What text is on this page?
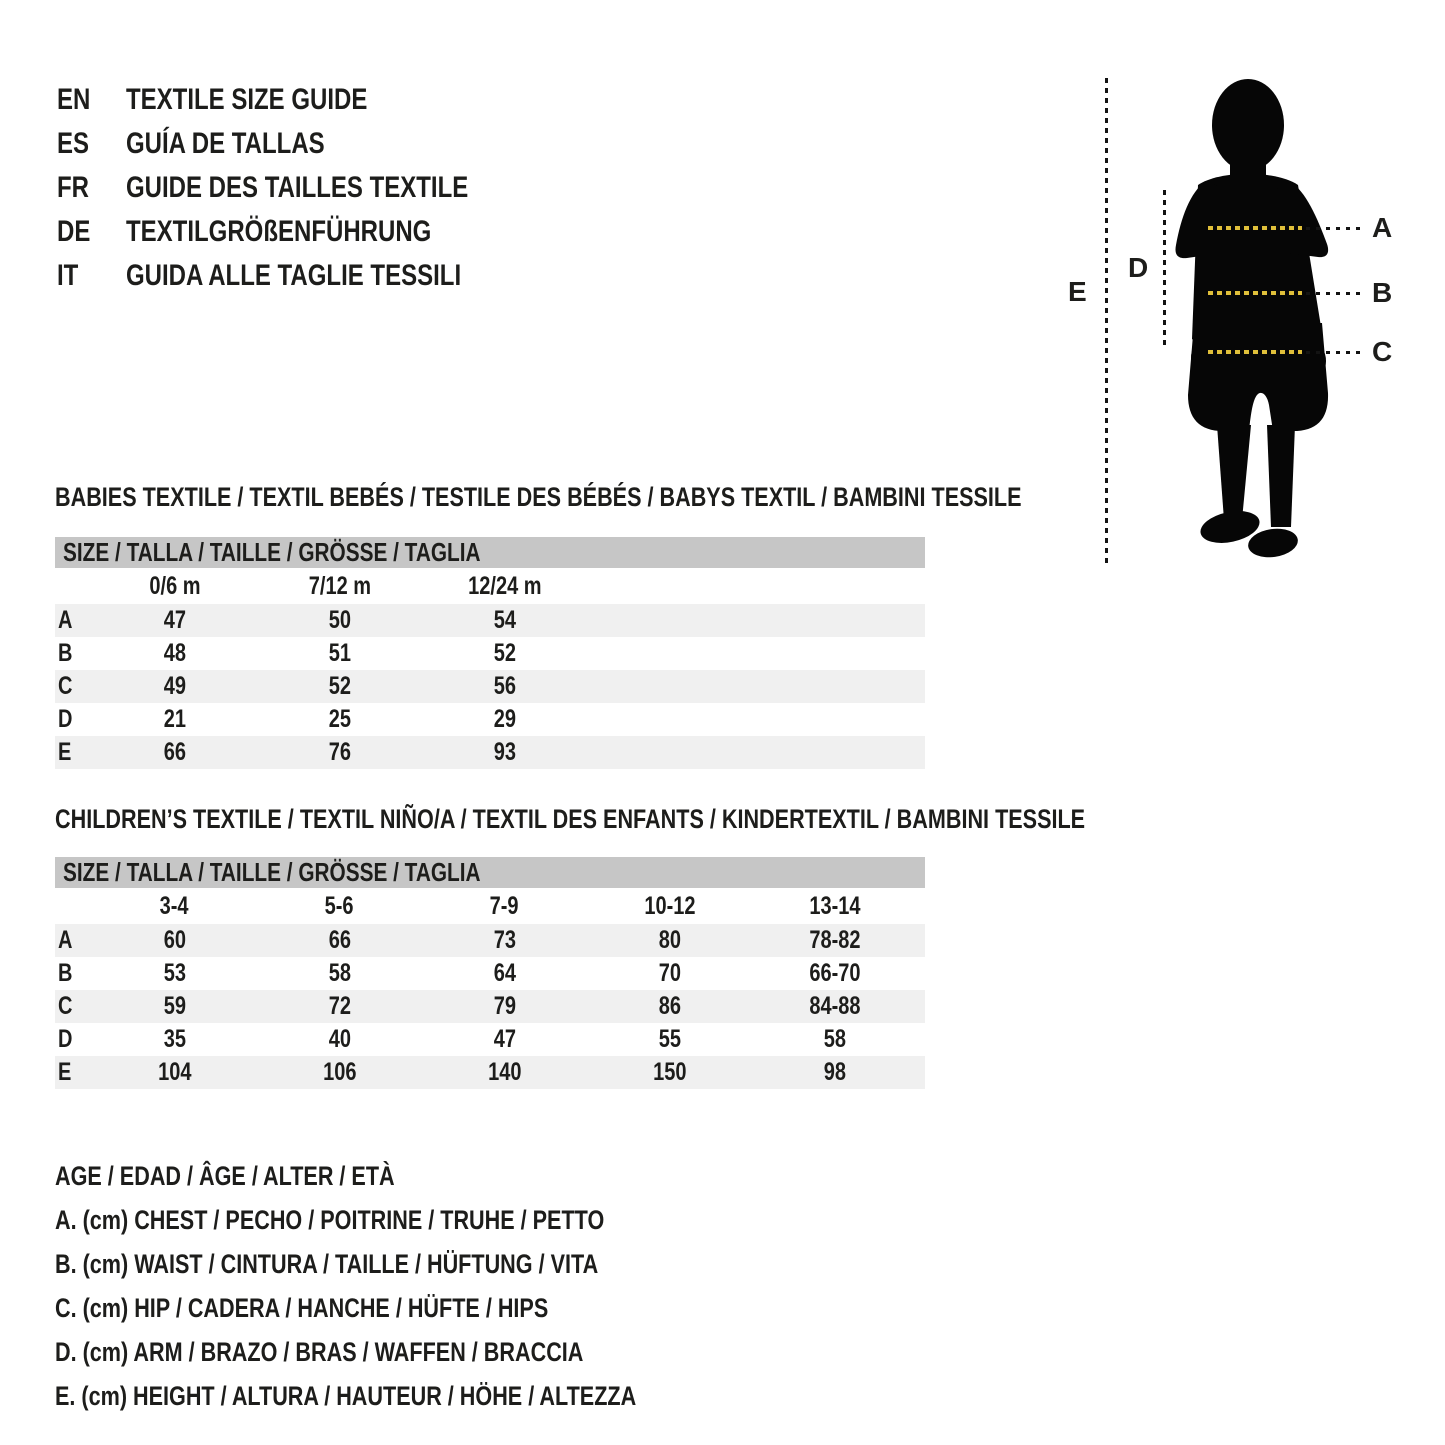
EN	TEXTILE SIZE GUIDE
ES	GUÍA DE TALLAS
FR	GUIDE DES TAILLES TEXTILE
DE	TEXTILGRÖßENFÜHRUNG
IT	GUIDA ALLE TAGLIE TESSILI	E
D
A
B
C
BABIES TEXTILE / TEXTIL BEBÉS / TESTILE DES BÉBÉS / BABYS TEXTIL / BAMBINI TESSILE
SIZE / TALLA / TAILLE / GRÖSSE / TAGLIA
0/6 m	7/12 m	12/24 m
A	47	50	54
B	48	51	52
C	49	52	56
D	21	25	29
E	66	76	93
CHILDREN’S TEXTILE / TEXTIL NIÑO/A / TEXTIL DES ENFANTS / KINDERTEXTIL / BAMBINI TESSILE
SIZE / TALLA / TAILLE / GRÖSSE / TAGLIA
3-4	5-6	7-9	10-12	13-14
A	60	66	73	80	78-82
B	53	58	64	70	66-70
C	59	72	79	86	84-88
D	35	40	47	55	58
E	104	106	140	150	98
AGE / EDAD / ÂGE / ALTER / ETÀ
A. (cm) CHEST / PECHO / POITRINE / TRUHE / PETTO
B. (cm) WAIST / CINTURA / TAILLE / HÜFTUNG / VITA
C. (cm) HIP / CADERA / HANCHE / HÜFTE / HIPS
D. (cm) ARM / BRAZO / BRAS / WAFFEN / BRACCIA
E. (cm) HEIGHT / ALTURA / HAUTEUR / HÖHE / ALTEZZA
